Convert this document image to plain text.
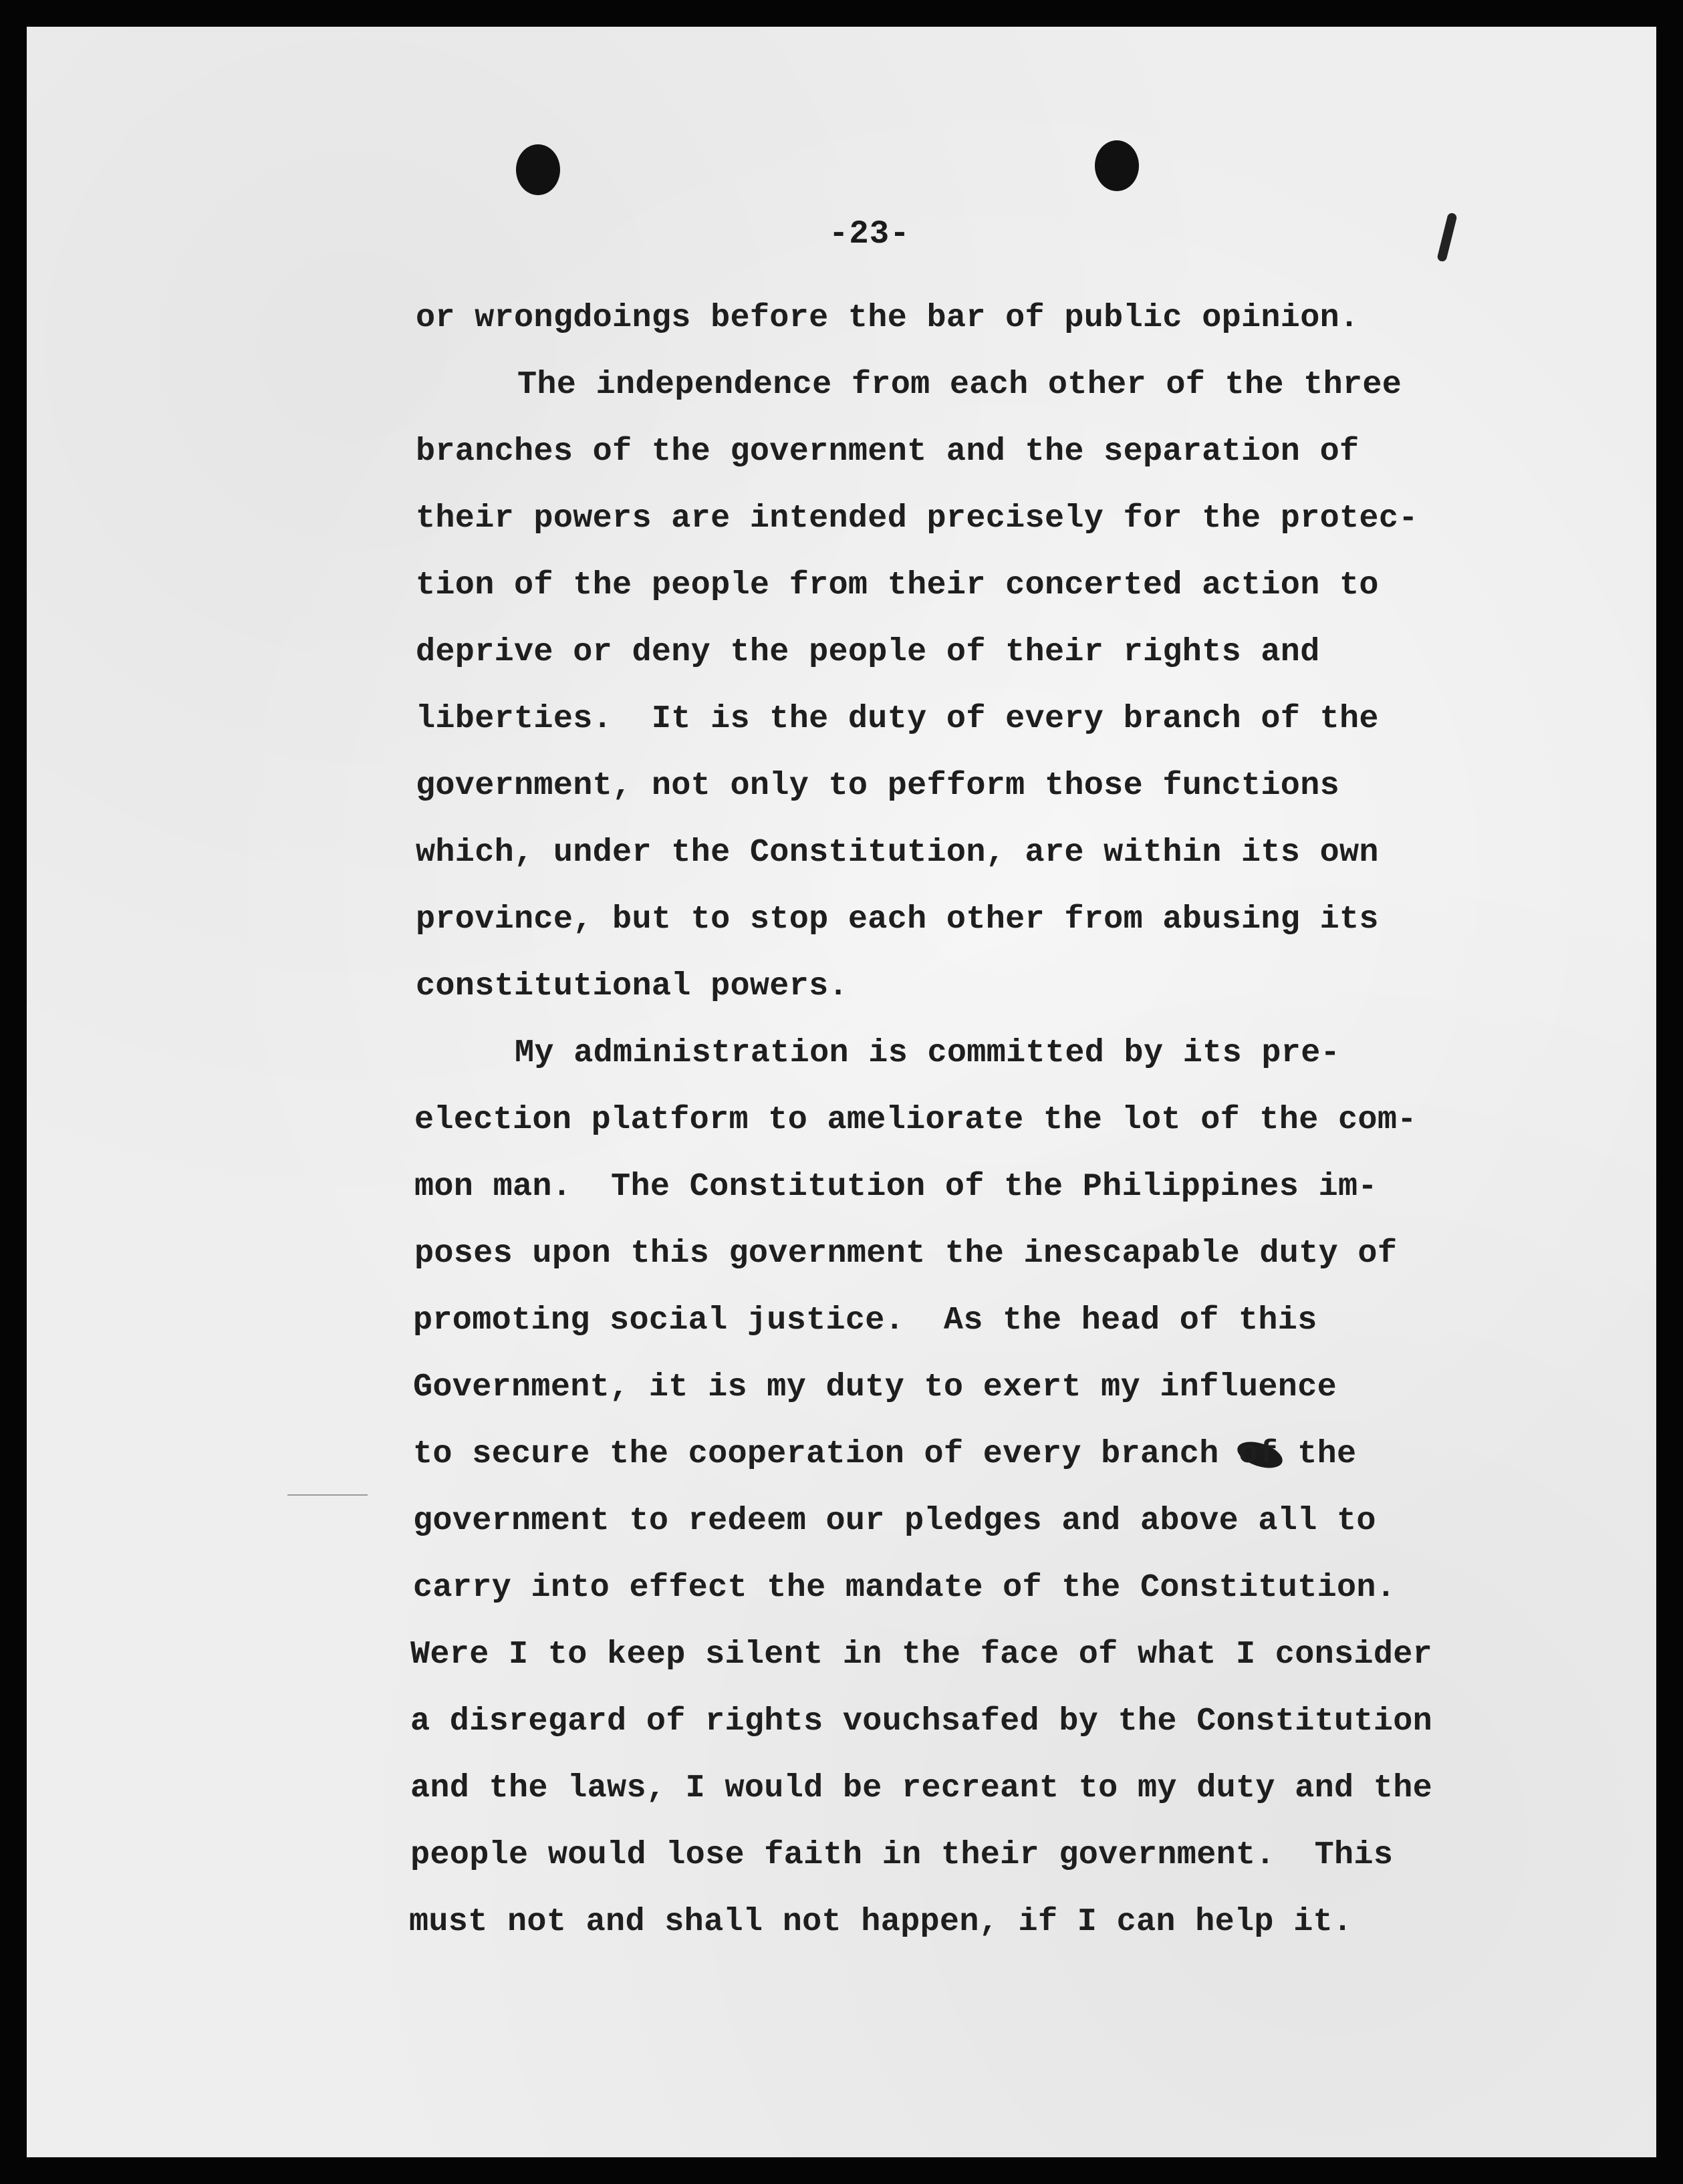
-23-
or wrongdoings before the bar of public opinion.
The independence from each other of the three
branches of the government and the separation of
their powers are intended precisely for the protec-
tion of the people from their concerted action to
deprive or deny the people of their rights and
liberties.  It is the duty of every branch of the
government, not only to pefform those functions
which, under the Constitution, are within its own
province, but to stop each other from abusing its
constitutional powers.
My administration is committed by its pre-
election platform to ameliorate the lot of the com-
mon man.  The Constitution of the Philippines im-
poses upon this government the inescapable duty of
promoting social justice.  As the head of this
Government, it is my duty to exert my influence
to secure the cooperation of every branch of the
government to redeem our pledges and above all to
carry into effect the mandate of the Constitution.
Were I to keep silent in the face of what I consider
a disregard of rights vouchsafed by the Constitution
and the laws, I would be recreant to my duty and the
people would lose faith in their government.  This
must not and shall not happen, if I can help it.
